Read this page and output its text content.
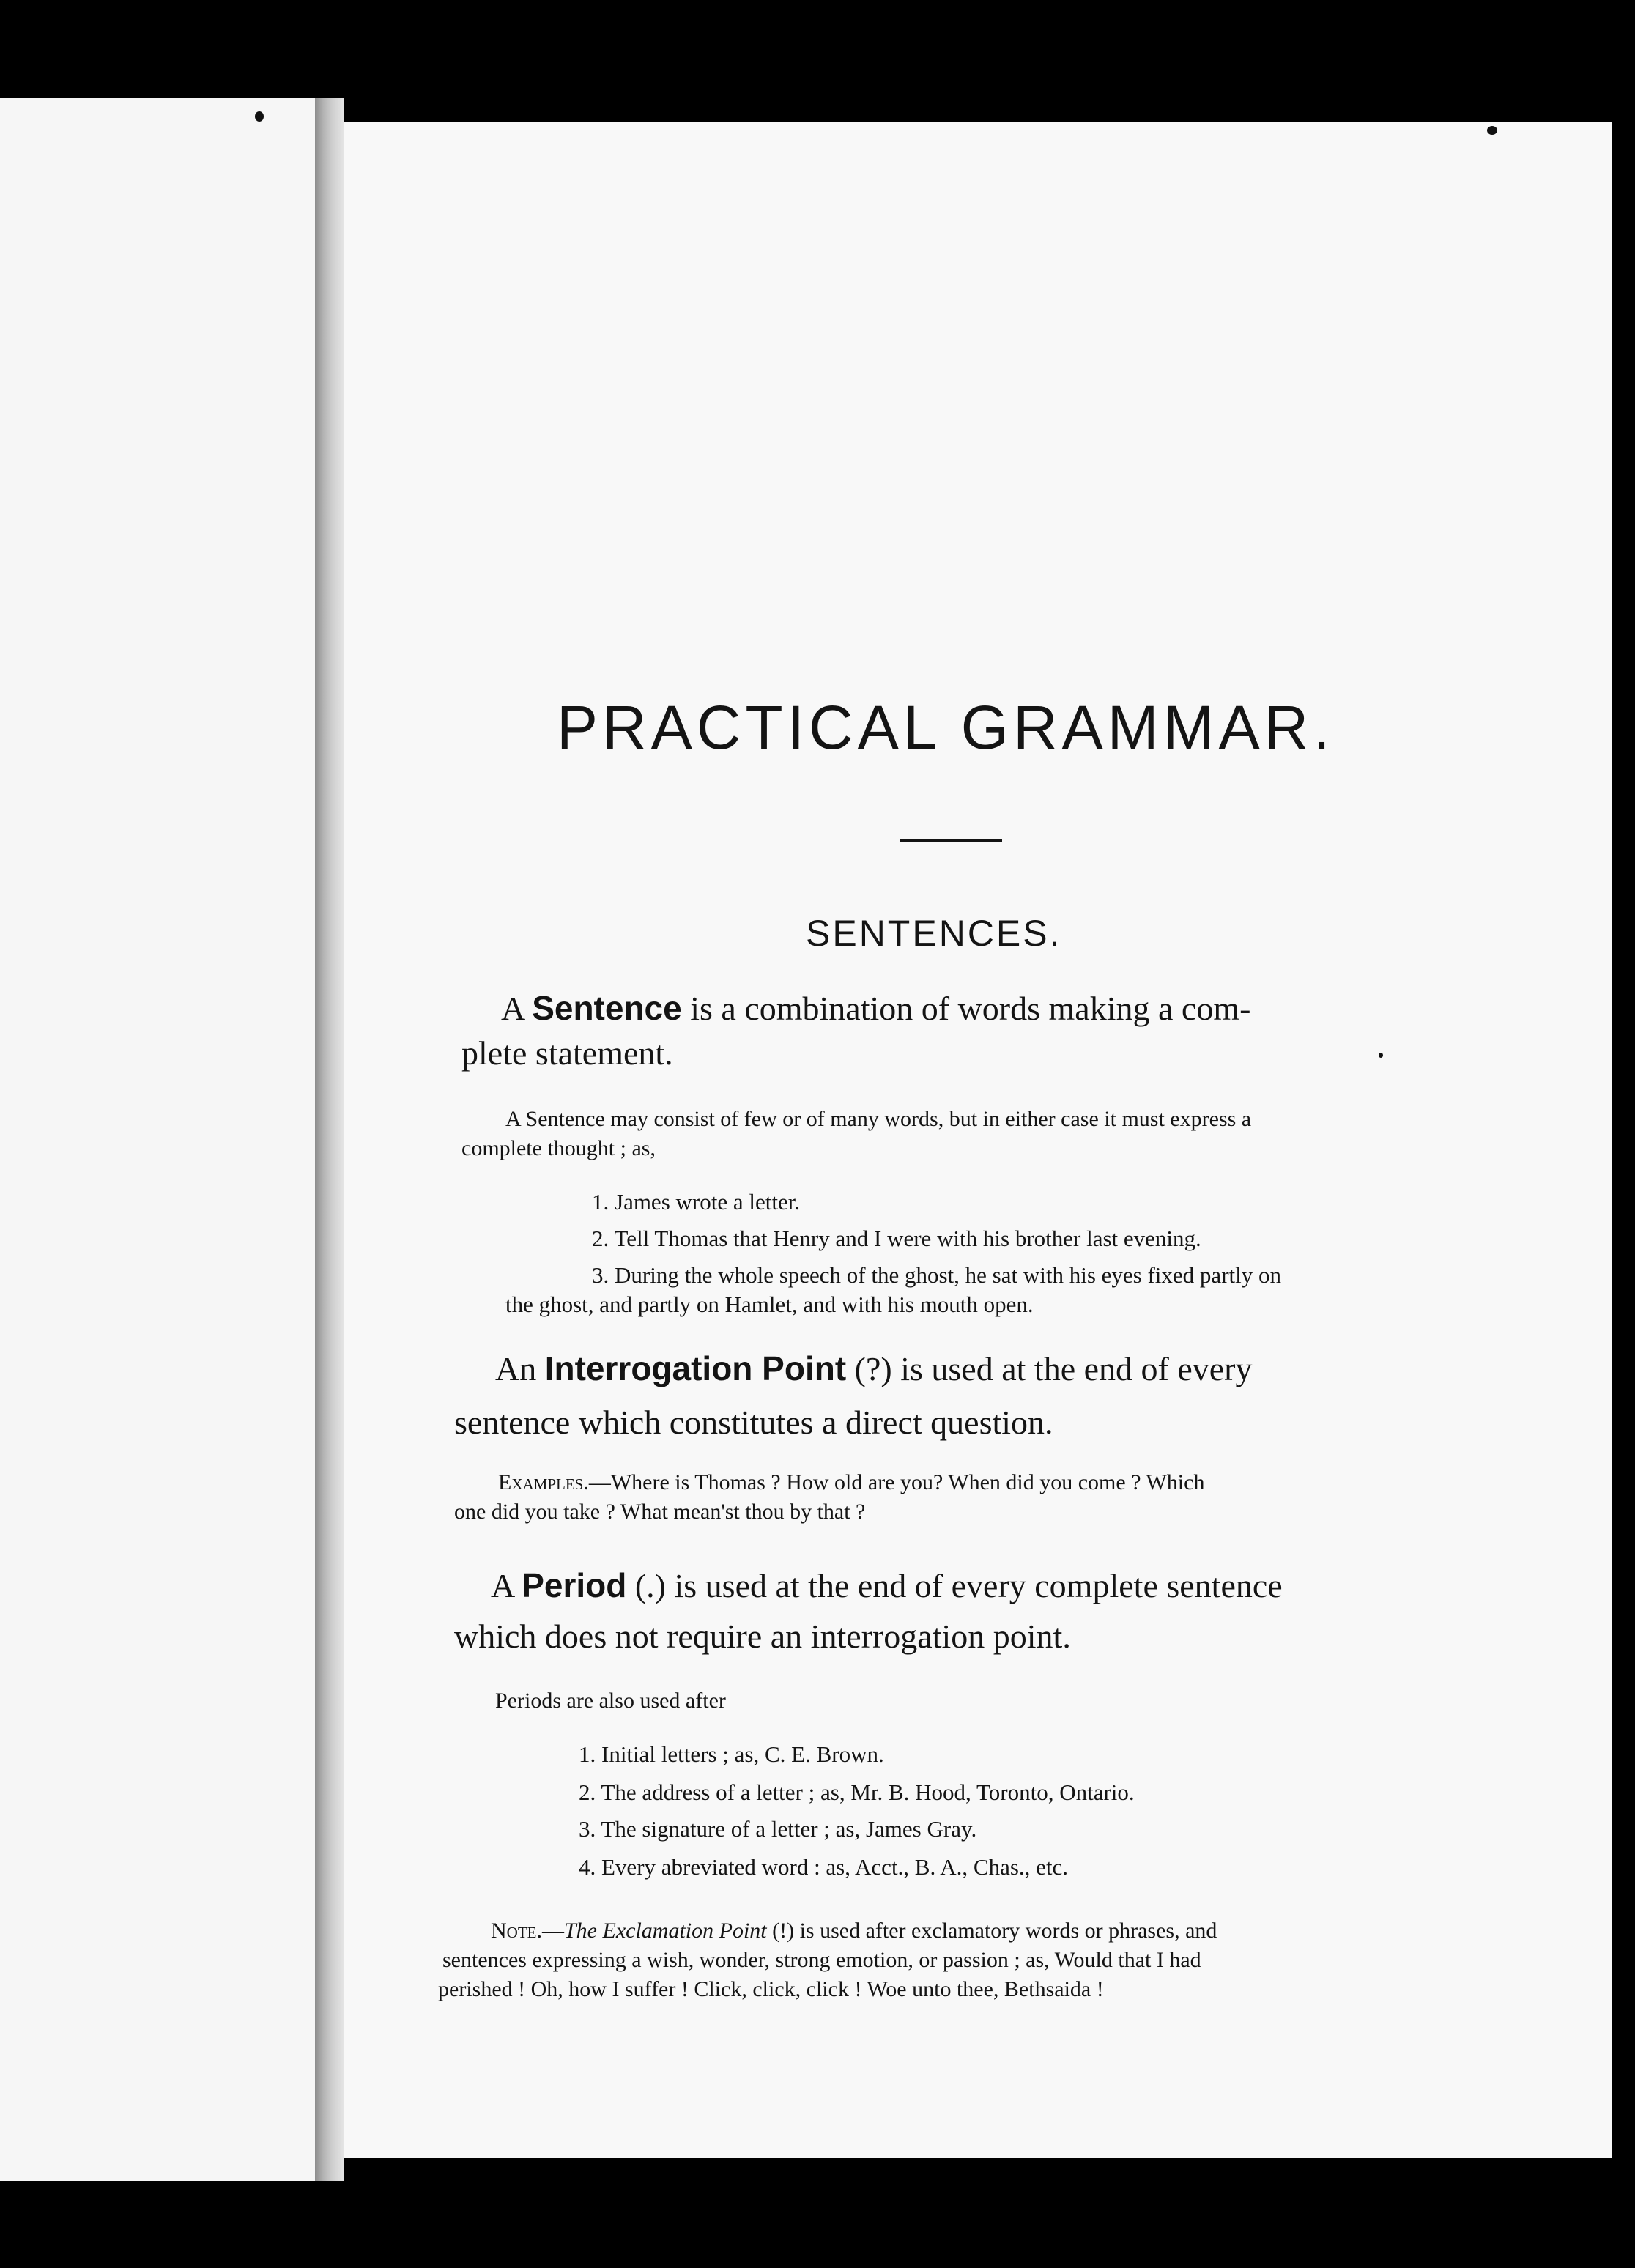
PRACTICAL GRAMMAR.
SENTENCES.
A Sentence is a combination of words making a com-
plete statement.
A Sentence may consist of few or of many words, but in either case it must express a
complete thought ; as,
1. James wrote a letter.
2. Tell Thomas that Henry and I were with his brother last evening.
3. During the whole speech of the ghost, he sat with his eyes fixed partly on
the ghost, and partly on Hamlet, and with his mouth open.
An Interrogation Point (?) is used at the end of every
sentence which constitutes a direct question.
Examples.—Where is Thomas ? How old are you? When did you come ? Which
one did you take ? What mean'st thou by that ?
A Period (.) is used at the end of every complete sentence
which does not require an interrogation point.
Periods are also used after
1. Initial letters ; as, C. E. Brown.
2. The address of a letter ; as, Mr. B. Hood, Toronto, Ontario.
3. The signature of a letter ; as, James Gray.
4. Every abreviated word : as, Acct., B. A., Chas., etc.
Note.—The Exclamation Point (!) is used after exclamatory words or phrases, and
sentences expressing a wish, wonder, strong emotion, or passion ; as, Would that I had
perished ! Oh, how I suffer ! Click, click, click ! Woe unto thee, Bethsaida !
